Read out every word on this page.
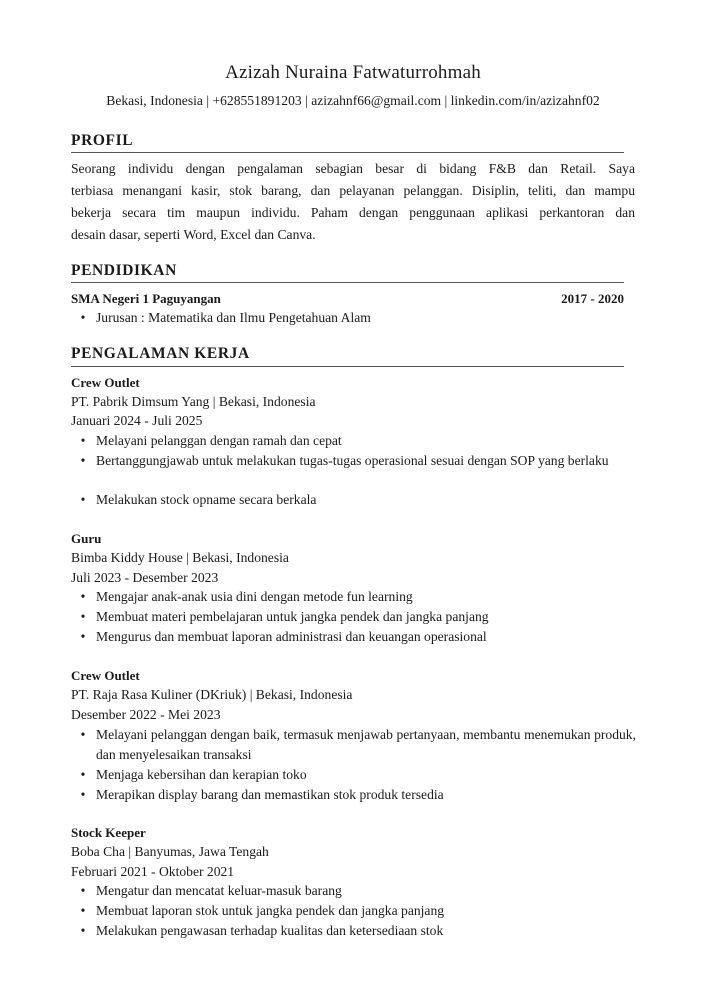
Azizah Nuraina Fatwaturrohmah
Bekasi, Indonesia | +628551891203 | azizahnf66@gmail.com | linkedin.com/in/azizahnf02
PROFIL
Seorang individu dengan pengalaman sebagian besar di bidang F&B dan Retail. Saya
terbiasa menangani kasir, stok barang, dan pelayanan pelanggan. Disiplin, teliti, dan mampu
bekerja secara tim maupun individu. Paham dengan penggunaan aplikasi perkantoran dan
desain dasar, seperti Word, Excel dan Canva.
PENDIDIKAN
SMA Negeri 1 Paguyangan	2017 - 2020
• Jurusan : Matematika dan Ilmu Pengetahuan Alam
PENGALAMAN KERJA
Crew Outlet
PT. Pabrik Dimsum Yang | Bekasi, Indonesia
Januari 2024 - Juli 2025
• Melayani pelanggan dengan ramah dan cepat
• Bertanggungjawab untuk melakukan tugas-tugas operasional sesuai dengan SOP yang berlaku
• Melakukan stock opname secara berkala
Guru
Bimba Kiddy House | Bekasi, Indonesia
Juli 2023 - Desember 2023
• Mengajar anak-anak usia dini dengan metode fun learning
• Membuat materi pembelajaran untuk jangka pendek dan jangka panjang
• Mengurus dan membuat laporan administrasi dan keuangan operasional
Crew Outlet
PT. Raja Rasa Kuliner (DKriuk) | Bekasi, Indonesia
Desember 2022 - Mei 2023
• Melayani pelanggan dengan baik, termasuk menjawab pertanyaan, membantu menemukan produk, dan menyelesaikan transaksi
• Menjaga kebersihan dan kerapian toko
• Merapikan display barang dan memastikan stok produk tersedia
Stock Keeper
Boba Cha | Banyumas, Jawa Tengah
Februari 2021 - Oktober 2021
• Mengatur dan mencatat keluar-masuk barang
• Membuat laporan stok untuk jangka pendek dan jangka panjang
• Melakukan pengawasan terhadap kualitas dan ketersediaan stok
